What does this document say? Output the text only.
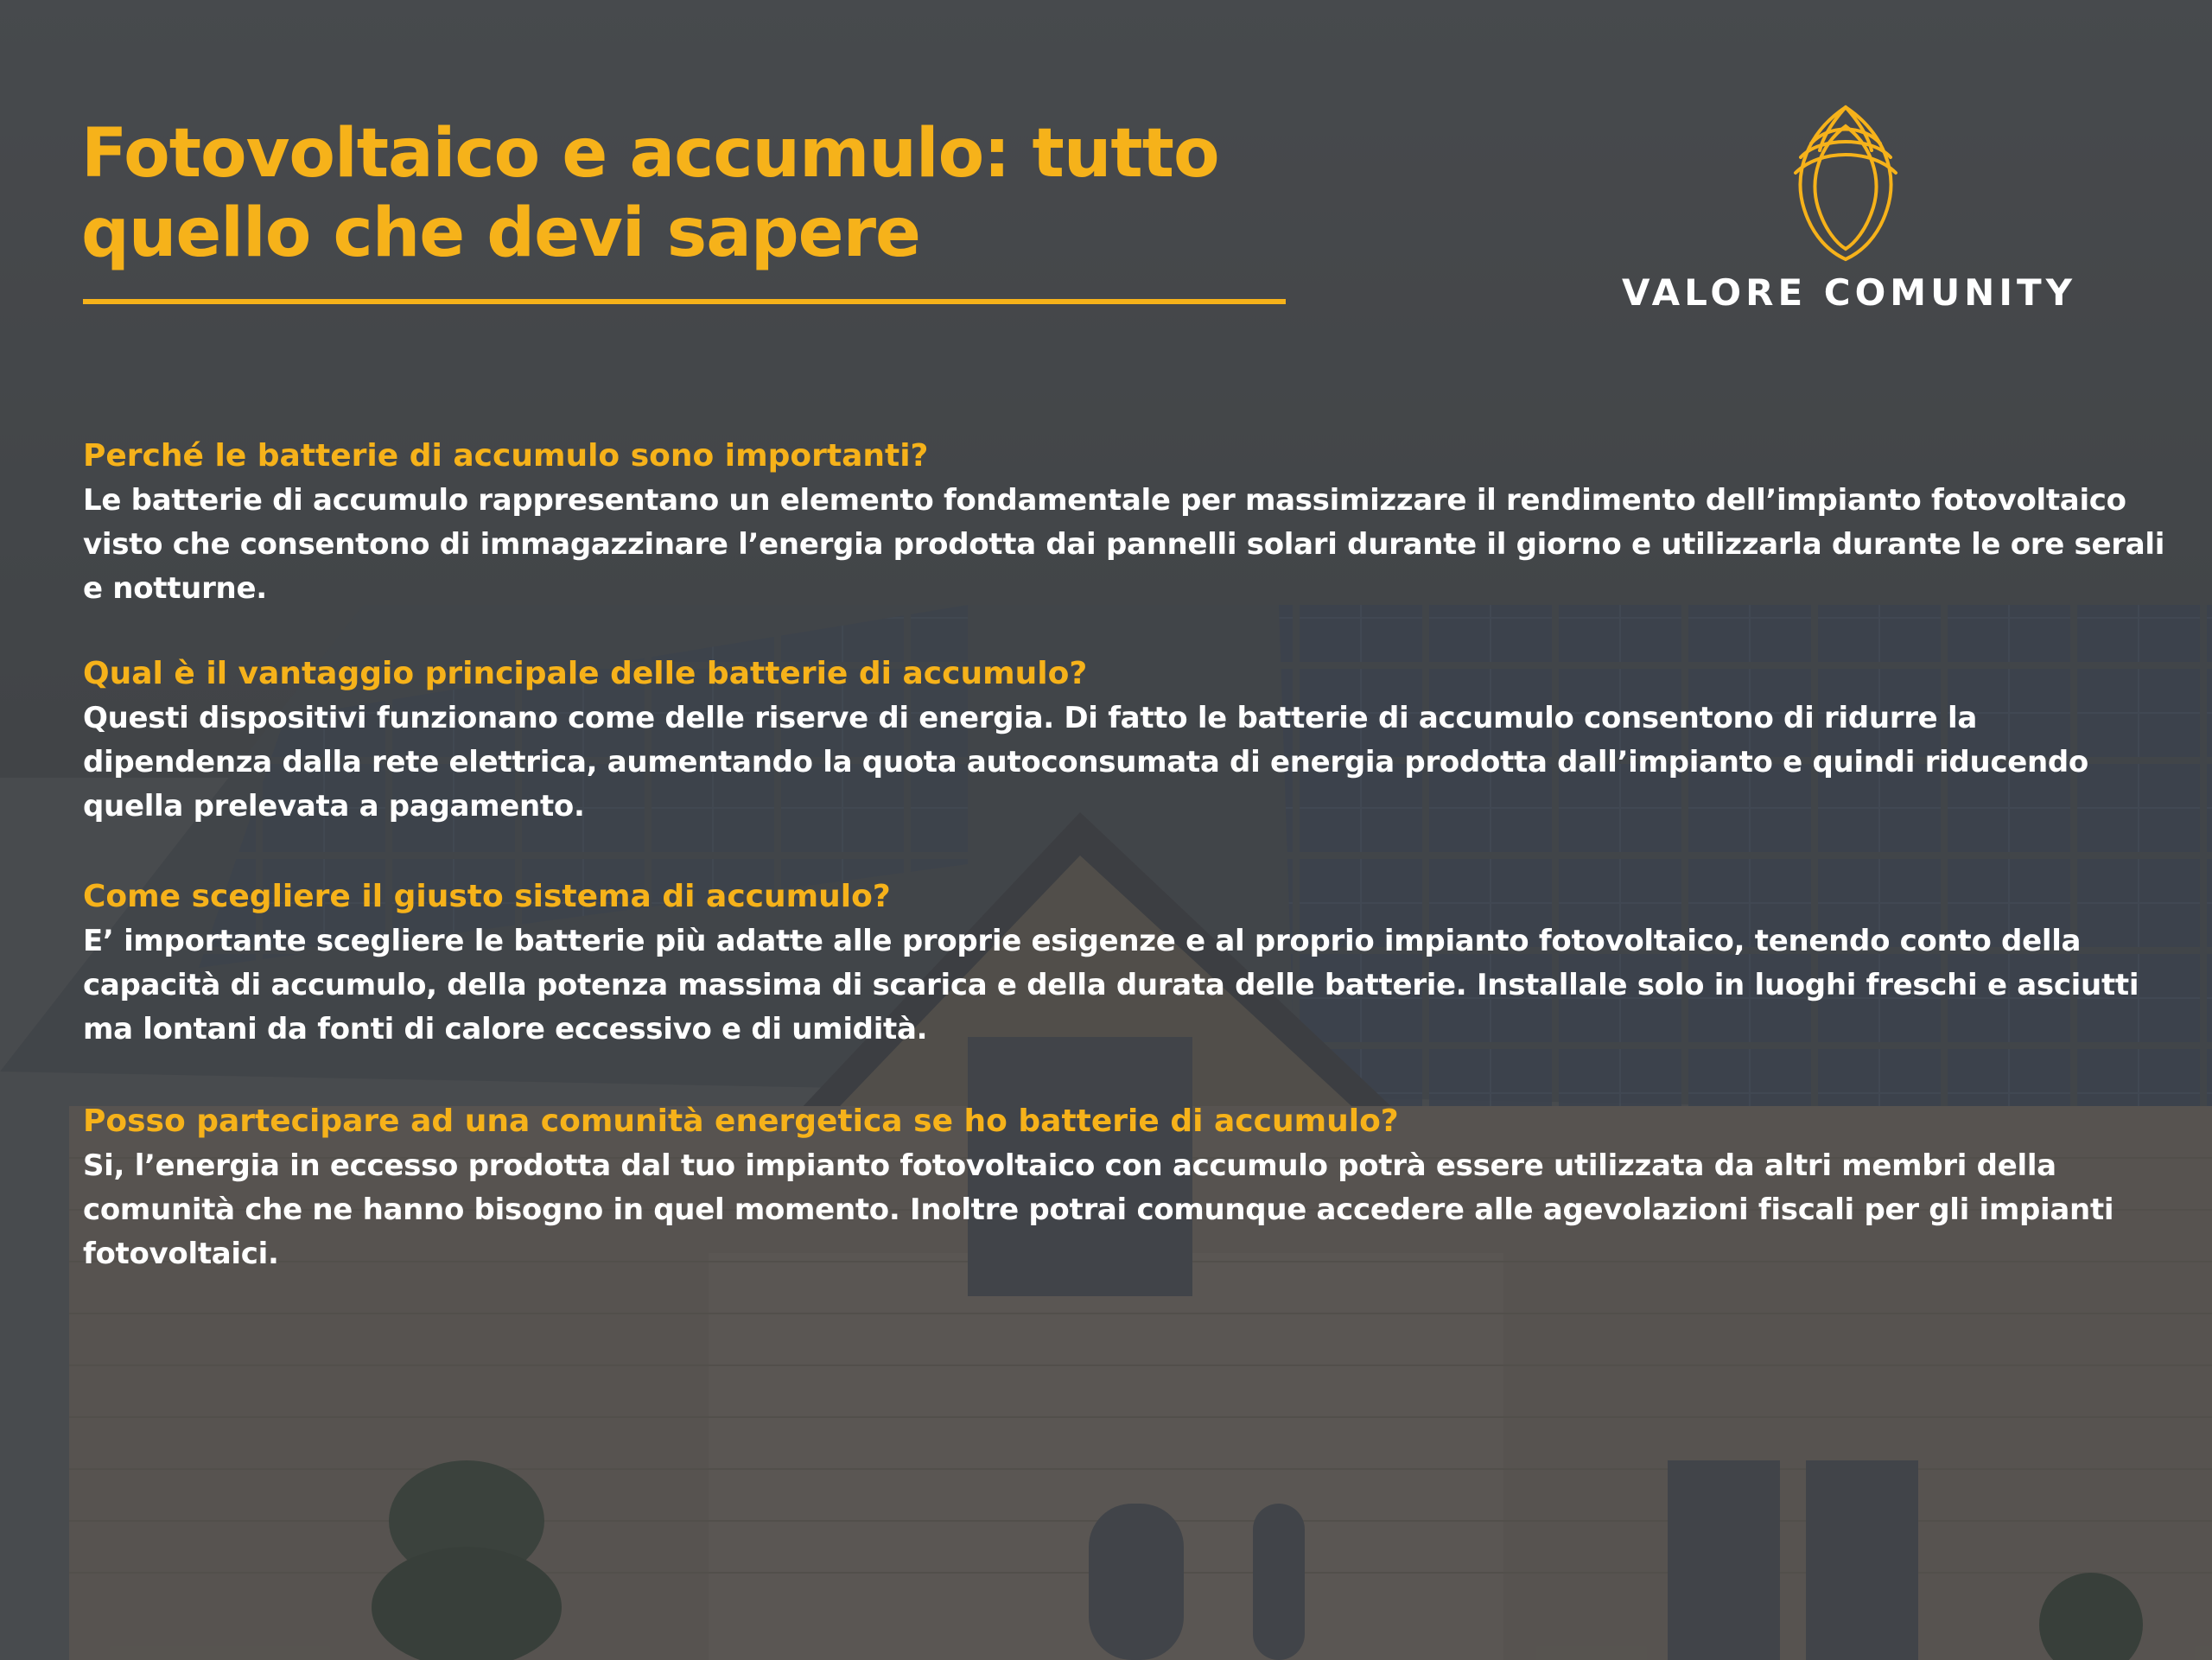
Fotovoltaico e accumulo: tutto quello che devi sapere
VALORE COMUNITY

Perché le batterie di accumulo sono importanti?

Le batterie di accumulo rappresentano un elemento fondamentale per massimizzare il rendimento dell’impianto fotovoltaico visto che consentono di immagazzinare l’energia prodotta dai pannelli solari durante il giorno e utilizzarla durante le ore serali e notturne.

Qual è il vantaggio principale delle batterie di accumulo?

Questi dispositivi funzionano come delle riserve di energia. Di fatto le batterie di accumulo consentono di ridurre la dipendenza dalla rete elettrica, aumentando la quota autoconsumata di energia prodotta dall’impianto e quindi riducendo quella prelevata a pagamento.

Come scegliere il giusto sistema di accumulo?

E’ importante scegliere le batterie più adatte alle proprie esigenze e al proprio impianto fotovoltaico, tenendo conto della capacità di accumulo, della potenza massima di scarica e della durata delle batterie. Installale solo in luoghi freschi e asciutti ma lontani da fonti di calore eccessivo e di umidità.

Posso partecipare ad una comunità energetica se ho batterie di accumulo?

Si, l’energia in eccesso prodotta dal tuo impianto fotovoltaico con accumulo potrà essere utilizzata da altri membri della comunità che ne hanno bisogno in quel momento. Inoltre potrai comunque accedere alle agevolazioni fiscali per gli impianti fotovoltaici.
